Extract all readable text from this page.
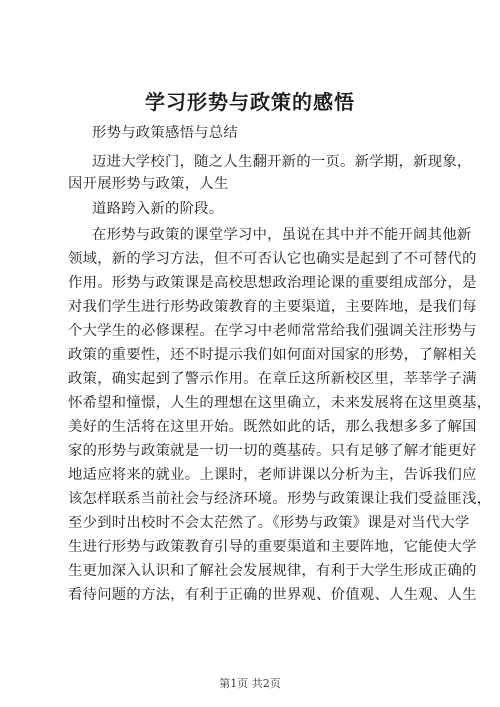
学习形势与政策的感悟
形势与政策感悟与总结
迈进大学校门，随之人生翻开新的一页。新学期，新现象，
因开展形势与政策，人生
道路跨入新的阶段。
在形势与政策的课堂学习中，虽说在其中并不能开阔其他新
领域，新的学习方法，但不可否认它也确实是起到了不可替代的
作用。形势与政策课是高校思想政治理论课的重要组成部分，是
对我们学生进行形势政策教育的主要渠道，主要阵地，是我们每
个大学生的必修课程。在学习中老师常常给我们强调关注形势与
政策的重要性，还不时提示我们如何面对国家的形势，了解相关
政策，确实起到了警示作用。在章丘这所新校区里，莘莘学子满
怀希望和憧憬，人生的理想在这里确立，未来发展将在这里奠基，
美好的生活将在这里开始。既然如此的话，那么我想多多了解国
家的形势与政策就是一切一切的奠基砖。只有足够了解才能更好
地适应将来的就业。上课时，老师讲课以分析为主，告诉我们应
该怎样联系当前社会与经济环境。形势与政策课让我们受益匪浅，
至少到时出校时不会太茫然了。《形势与政策》课是对当代大学
生进行形势与政策教育引导的重要渠道和主要阵地，它能使大学
生更加深入认识和了解社会发展规律，有利于大学生形成正确的
看待问题的方法，有利于正确的世界观、价值观、人生观、人生
第1页 共2页
